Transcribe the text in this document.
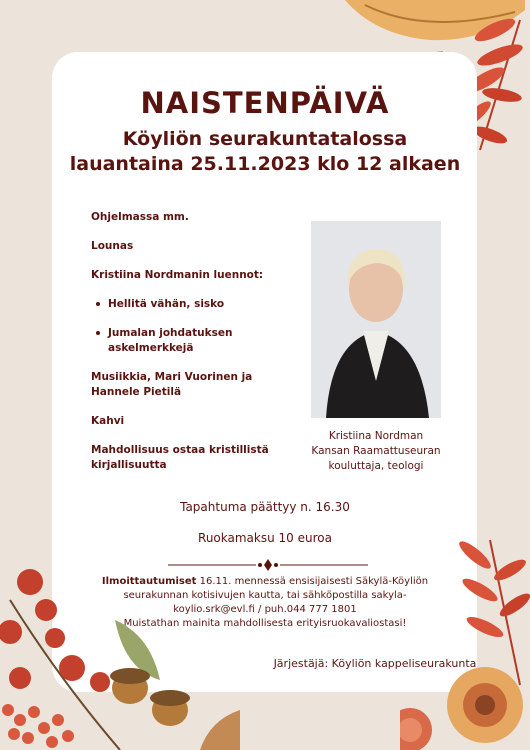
NAISTENPÄIVÄ
Köyliön seurakuntatalossa
lauantaina 25.11.2023 klo 12 alkaen
Ohjelmassa mm.
Lounas
Kristiina Nordmanin luennot:
Hellitä vähän, sisko
Jumalan johdatuksen
askelmerkkejä
Musiikkia, Mari Vuorinen ja
Hannele Pietilä
Kahvi
Mahdollisuus ostaa kristillistä
kirjallisuutta
Kristiina Nordman
Kansan Raamattuseuran
kouluttaja, teologi
Tapahtuma päättyy n. 16.30
Ruokamaksu 10 euroa
Ilmoittautumiset 16.11. mennessä ensisijaisesti Säkylä-Köyliön
seurakunnan kotisivujen kautta, tai sähköpostilla sakyla-
koylio.srk@evl.fi / puh.044 777 1801
Muistathan mainita mahdollisesta erityisruokavaliostasi!
Järjestäjä: Köyliön kappeliseurakunta
